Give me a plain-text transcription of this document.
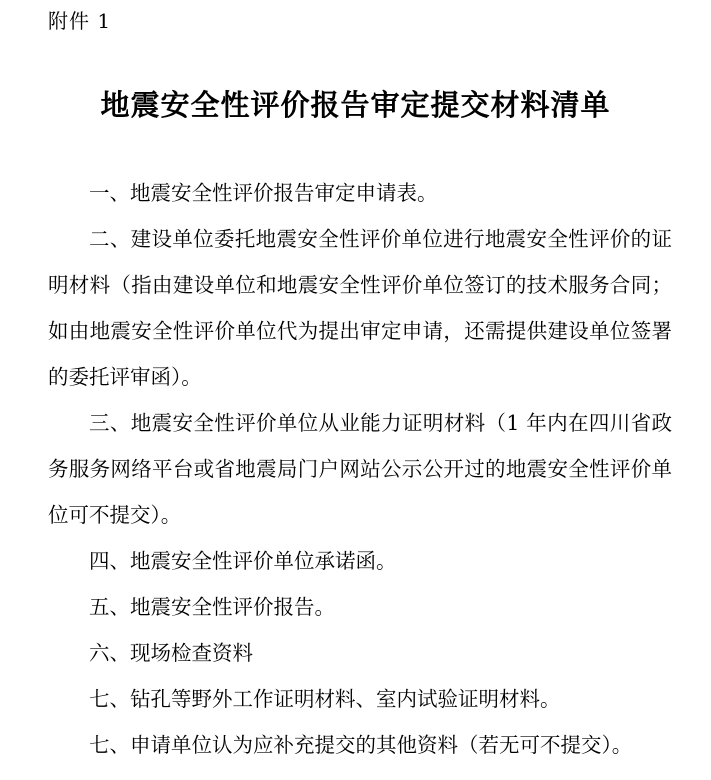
附件 1
地震安全性评价报告审定提交材料清单

一、地震安全性评价报告审定申请表。

二、建设单位委托地震安全性评价单位进行地震安全性评价的证明材料（指由建设单位和地震安全性评价单位签订的技术服务合同；如由地震安全性评价单位代为提出审定申请，还需提供建设单位签署的委托评审函）。

三、地震安全性评价单位从业能力证明材料（1 年内在四川省政务服务网络平台或省地震局门户网站公示公开过的地震安全性评价单位可不提交）。

四、地震安全性评价单位承诺函。

五、地震安全性评价报告。

六、现场检查资料

七、钻孔等野外工作证明材料、室内试验证明材料。

七、申请单位认为应补充提交的其他资料（若无可不提交）。
